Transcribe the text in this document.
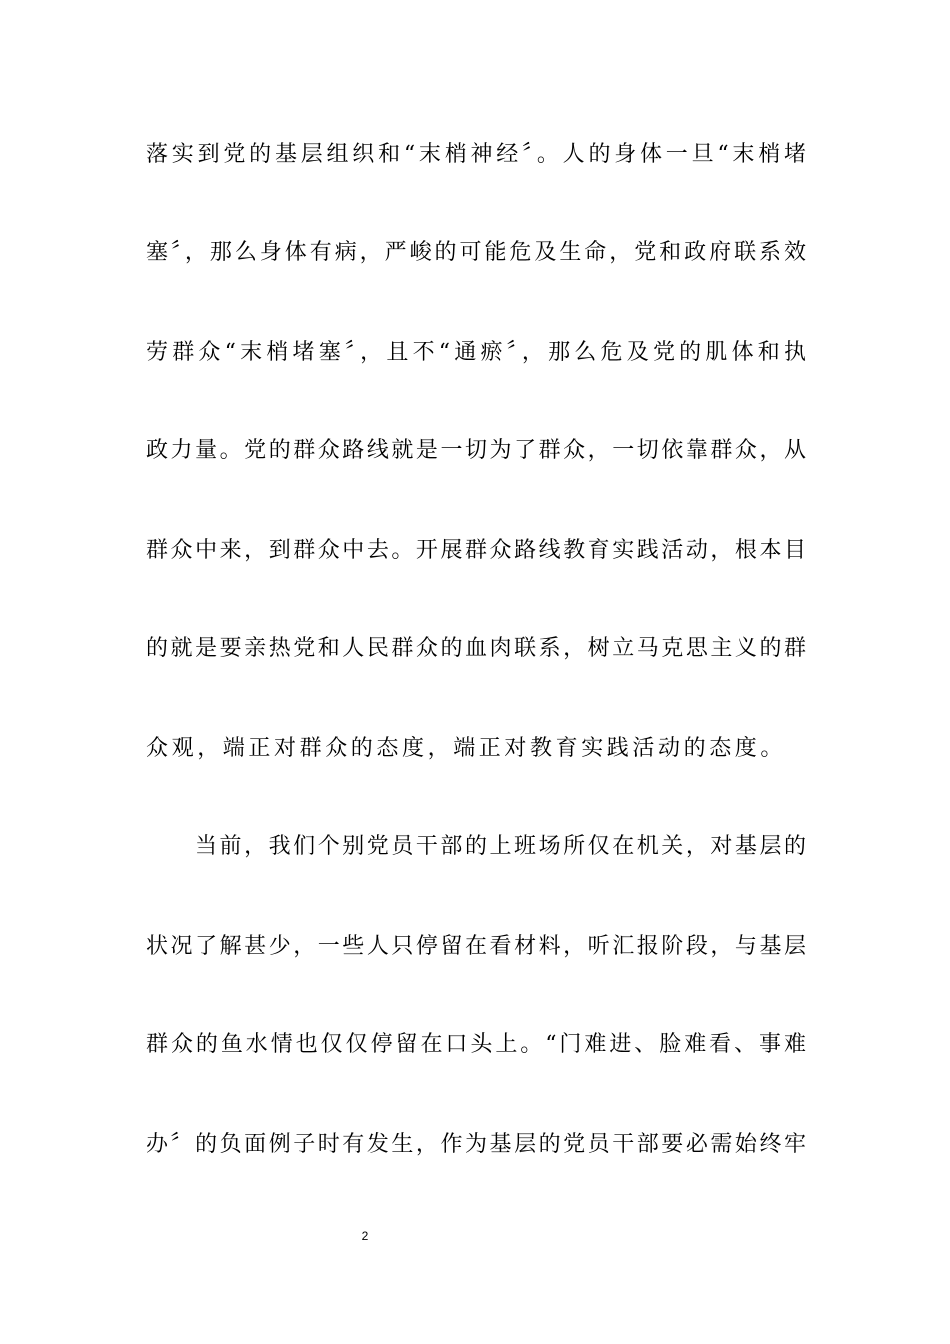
落实到党的基层组织和“末梢神经〞。人的身体一旦“末梢堵
塞〞，那么身体有病，严峻的可能危及生命，党和政府联系效
劳群众“末梢堵塞〞，且不“通瘀〞，那么危及党的肌体和执
政力量。党的群众路线就是一切为了群众，一切依靠群众，从
群众中来，到群众中去。开展群众路线教育实践活动，根本目
的就是要亲热党和人民群众的血肉联系，树立马克思主义的群
众观，端正对群众的态度，端正对教育实践活动的态度。
当前，我们个别党员干部的上班场所仅在机关，对基层的
状况了解甚少，一些人只停留在看材料，听汇报阶段，与基层
群众的鱼水情也仅仅停留在口头上。“门难进、脸难看、事难
办〞的负面例子时有发生，作为基层的党员干部要必需始终牢
2
